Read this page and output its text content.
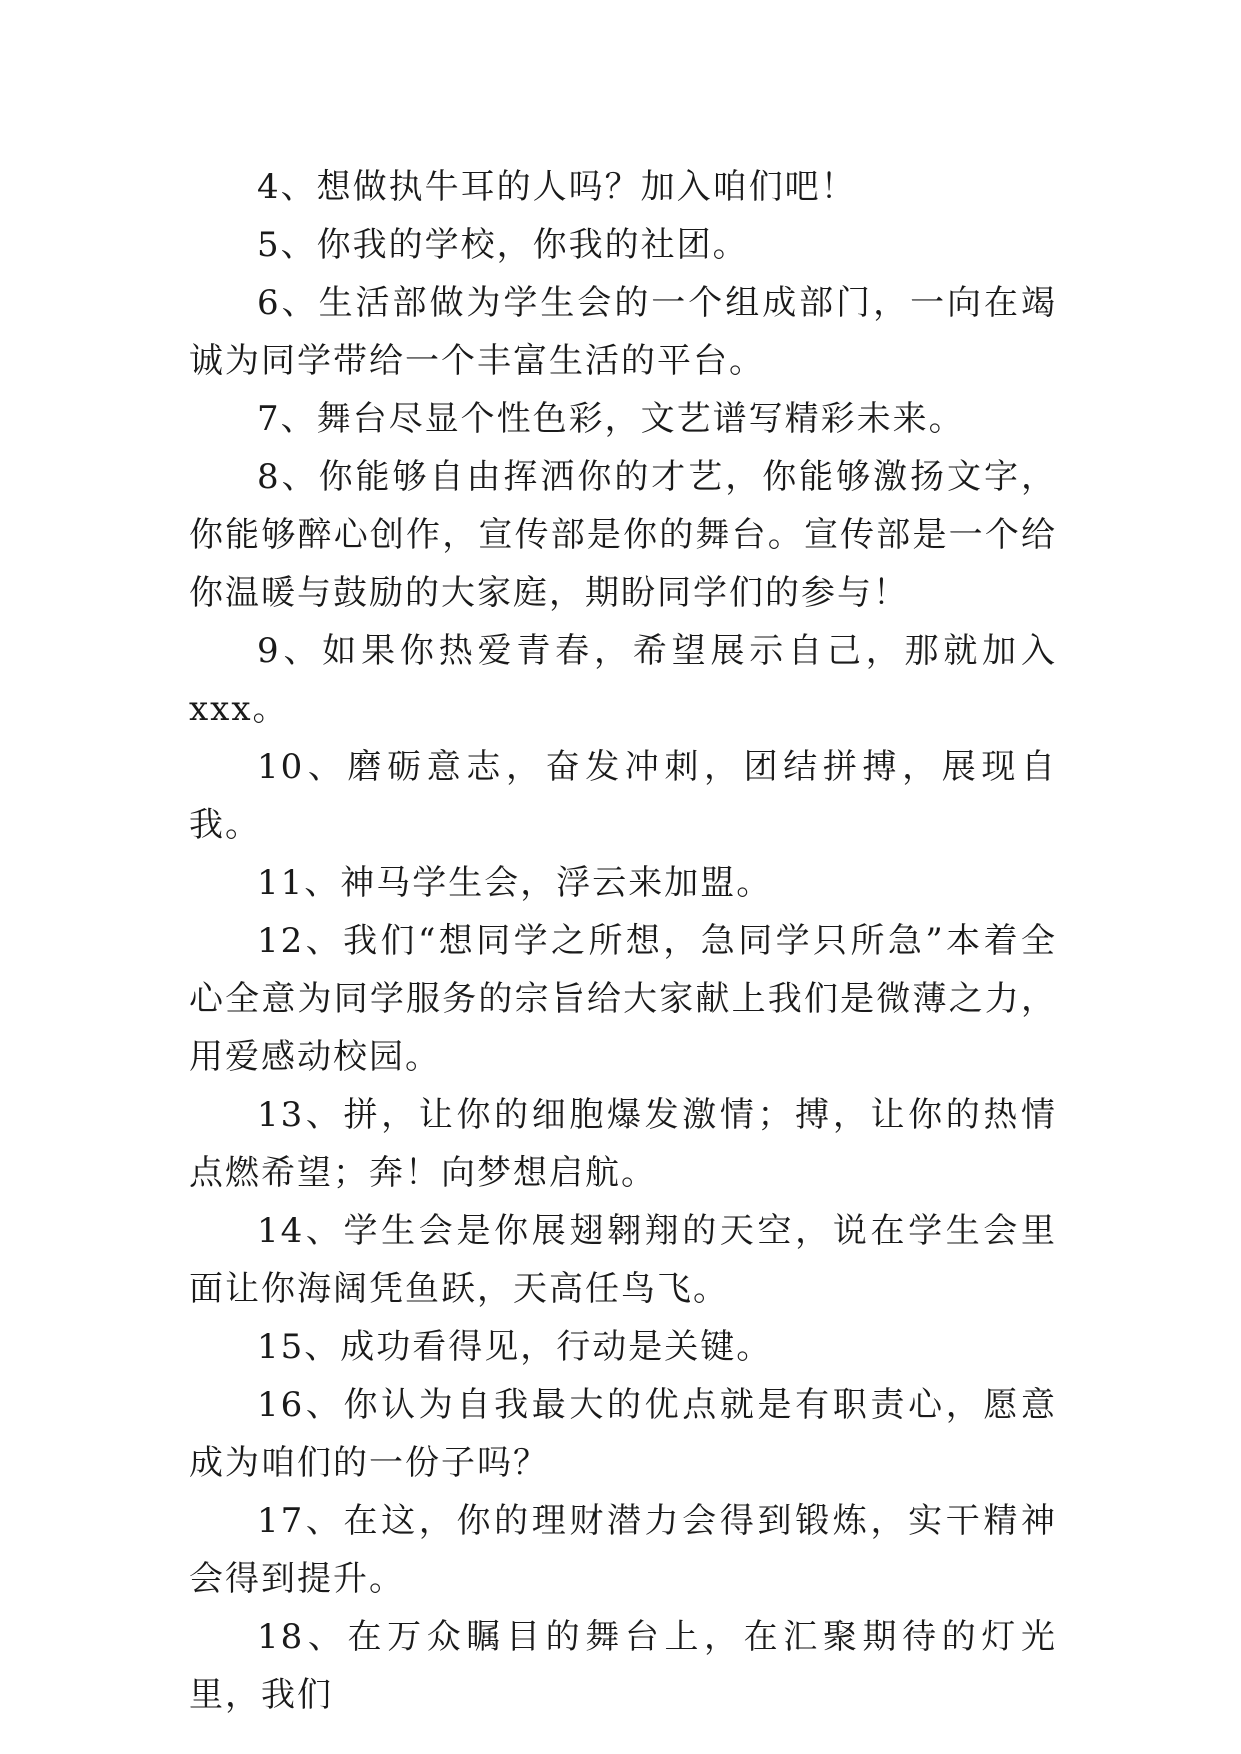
4、想做执牛耳的人吗？加入咱们吧！

5、你我的学校，你我的社团。

6、生活部做为学生会的一个组成部门，一向在竭诚为同学带给一个丰富生活的平台。

7、舞台尽显个性色彩，文艺谱写精彩未来。

8、你能够自由挥洒你的才艺，你能够激扬文字，你能够醉心创作，宣传部是你的舞台。宣传部是一个给你温暖与鼓励的大家庭，期盼同学们的参与！

9、如果你热爱青春，希望展示自己，那就加入xxx。

10、磨砺意志，奋发冲刺，团结拼搏，展现自我。

11、神马学生会，浮云来加盟。

12、我们“想同学之所想，急同学只所急”本着全心全意为同学服务的宗旨给大家献上我们是微薄之力，用爱感动校园。

13、拼，让你的细胞爆发激情；搏，让你的热情点燃希望；奔！向梦想启航。

14、学生会是你展翅翱翔的天空，说在学生会里面让你海阔凭鱼跃，天高任鸟飞。

15、成功看得见，行动是关键。

16、你认为自我最大的优点就是有职责心，愿意成为咱们的一份子吗？

17、在这，你的理财潜力会得到锻炼，实干精神会得到提升。

18、在万众瞩目的舞台上，在汇聚期待的灯光里，我们
